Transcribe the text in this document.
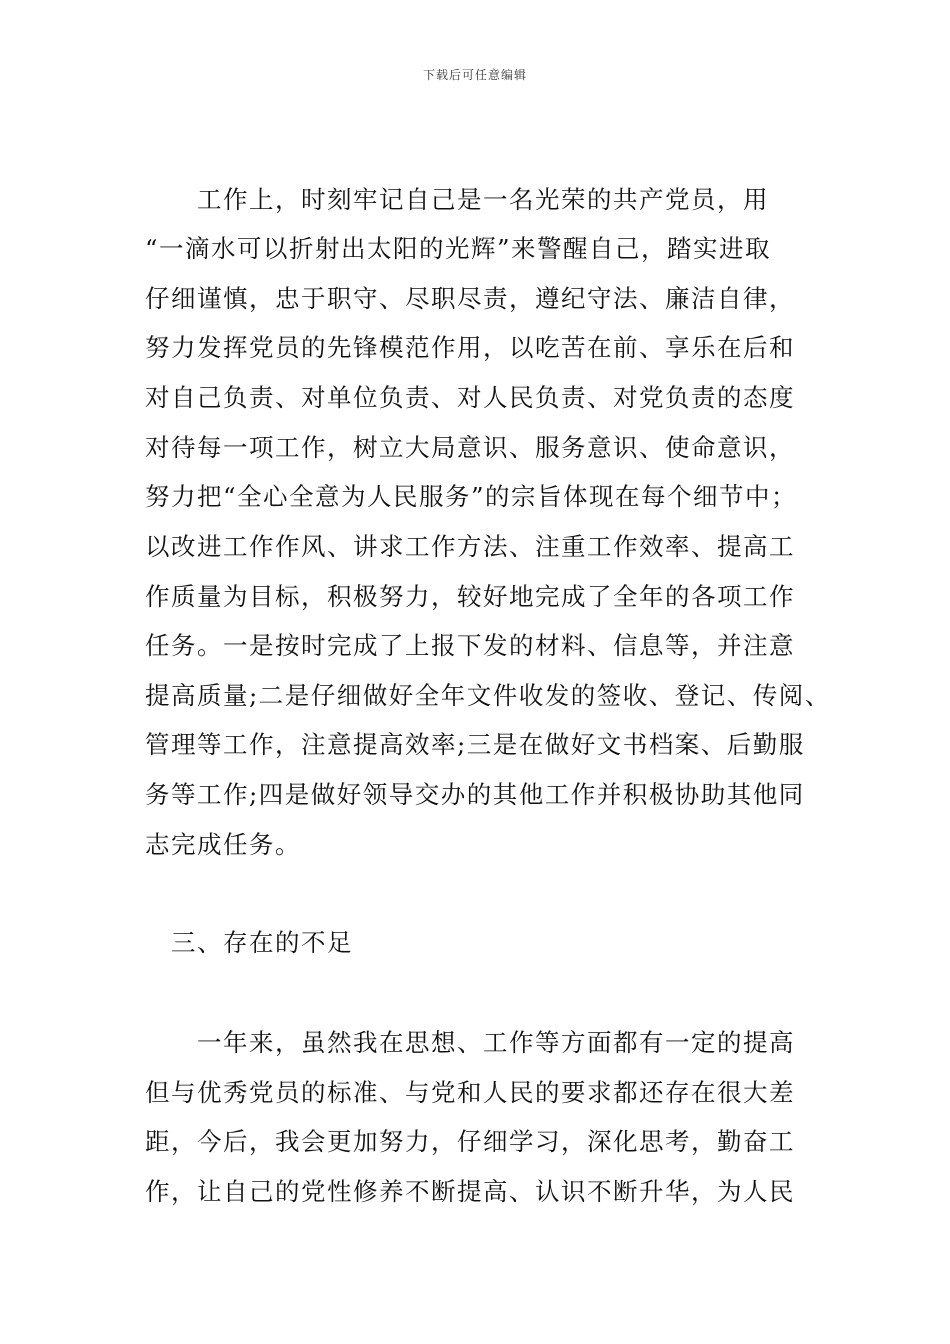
下载后可任意编辑
　　工作上，时刻牢记自己是一名光荣的共产党员，用
“一滴水可以折射出太阳的光辉”来警醒自己，踏实进取
仔细谨慎，忠于职守、尽职尽责，遵纪守法、廉洁自律，
努力发挥党员的先锋模范作用，以吃苦在前、享乐在后和
对自己负责、对单位负责、对人民负责、对党负责的态度
对待每一项工作，树立大局意识、服务意识、使命意识，
努力把“全心全意为人民服务”的宗旨体现在每个细节中；
以改进工作作风、讲求工作方法、注重工作效率、提高工
作质量为目标，积极努力，较好地完成了全年的各项工作
任务。一是按时完成了上报下发的材料、信息等，并注意
提高质量;二是仔细做好全年文件收发的签收、登记、传阅、
管理等工作，注意提高效率;三是在做好文书档案、后勤服
务等工作;四是做好领导交办的其他工作并积极协助其他同
志完成任务。
　三、存在的不足
　　一年来，虽然我在思想、工作等方面都有一定的提高
但与优秀党员的标准、与党和人民的要求都还存在很大差
距，今后，我会更加努力，仔细学习，深化思考，勤奋工
作，让自己的党性修养不断提高、认识不断升华，为人民
